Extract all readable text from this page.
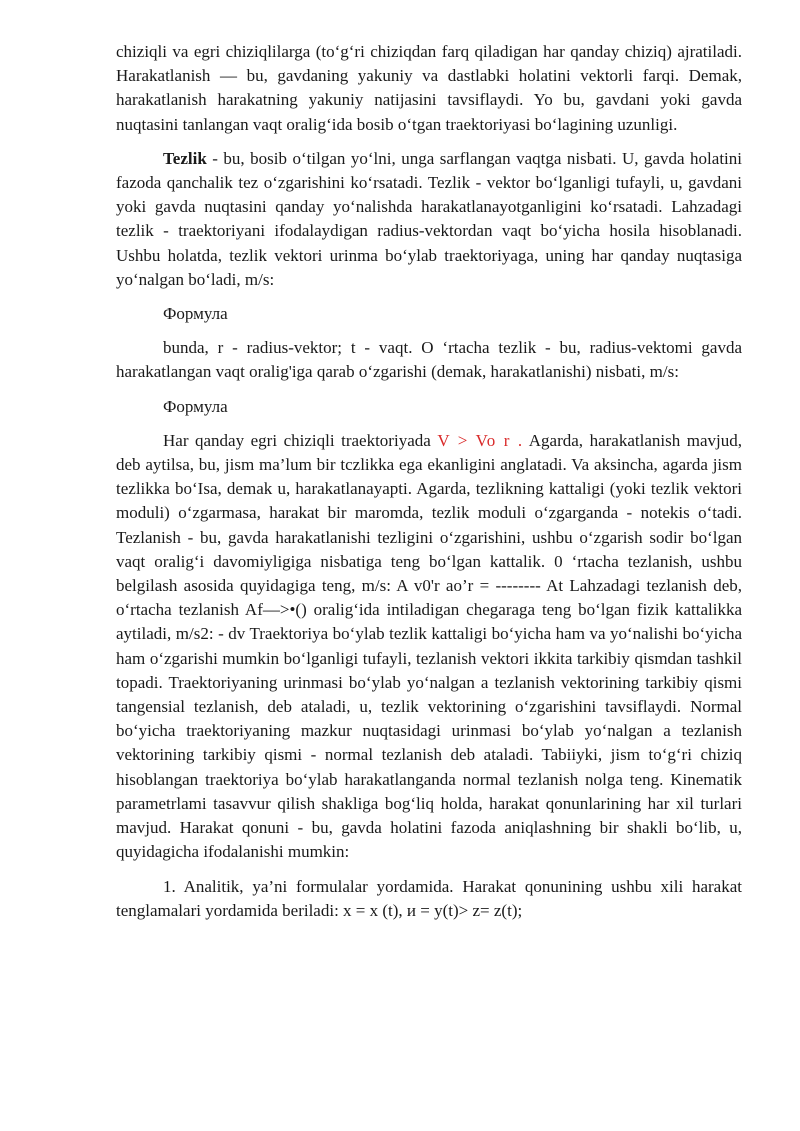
chiziqli va egri chiziqlilarga (to‘g‘ri chiziqdan farq qiladigan har qanday chiziq) ajratiladi. Harakatlanish — bu, gavdaning yakuniy va dastlabki holatini vektorli farqi. Demak, harakatlanish harakatning yakuniy natijasini tavsiflaydi. Yo bu, gavdani yoki gavda nuqtasini tanlangan vaqt oralig‘ida bosib o‘tgan traektoriyasi bo‘lagining uzunligi.

Tezlik - bu, bosib o‘tilgan yo‘lni, unga sarflangan vaqtga nisbati. U, gavda holatini fazoda qanchalik tez o‘zgarishini ko‘rsatadi. Tezlik - vektor bo‘lganligi tufayli, u, gavdani yoki gavda nuqtasini qanday yo‘nalishda harakatlanayotganligini ko‘rsatadi. Lahzadagi tezlik - traektoriyani ifodalaydigan radius-vektordan vaqt bo‘yicha hosila hisoblanadi. Ushbu holatda, tezlik vektori urinma bo‘ylab traektoriyaga, uning har qanday nuqtasiga yo‘nalgan bo‘ladi, m/s:

Формула

bunda, r - radius-vektor; t - vaqt. O ‘rtacha tezlik - bu, radius-vektomi gavda harakatlangan vaqt oralig'iga qarab o‘zgarishi (demak, harakatlanishi) nisbati, m/s:

Формула

Har qanday egri chiziqli traektoriyada V > Vo r . Agarda, harakatlanish mavjud, deb aytilsa, bu, jism ma’lum bir tczlikka ega ekanligini anglatadi. Va aksincha, agarda jism tezlikka bo‘Isa, demak u, harakatlanayapti. Agarda, tezlikning kattaligi (yoki tezlik vektori moduli) o‘zgarmasa, harakat bir maromda, tezlik moduli o‘zgarganda - notekis o‘tadi. Tezlanish - bu, gavda harakatlanishi tezligini o‘zgarishini, ushbu o‘zgarish sodir bo‘lgan vaqt oralig‘i davomiyligiga nisbatiga teng bo‘lgan kattalik. 0 ‘rtacha tezlanish, ushbu belgilash asosida quyidagiga teng, m/s: A v0'r ao’r = -------- At Lahzadagi tezlanish deb, o‘rtacha tezlanish Af—>•() oralig‘ida intiladigan chegaraga teng bo‘lgan fizik kattalikka aytiladi, m/s2: - dv Traektoriya bo‘ylab tezlik kattaligi bo‘yicha ham va yo‘nalishi bo‘yicha ham o‘zgarishi mumkin bo‘lganligi tufayli, tezlanish vektori ikkita tarkibiy qismdan tashkil topadi. Traektoriyaning urinmasi bo‘ylab yo‘nalgan a tezlanish vektorining tarkibiy qismi tangensial tezlanish, deb ataladi, u, tezlik vektorining o‘zgarishini tavsiflaydi. Normal bo‘yicha traektoriyaning mazkur nuqtasidagi urinmasi bo‘ylab yo‘nalgan a tezlanish vektorining tarkibiy qismi - normal tezlanish deb ataladi. Tabiiyki, jism to‘g‘ri chiziq hisoblangan traektoriya bo‘ylab harakatlanganda normal tezlanish nolga teng. Kinematik parametrlami tasavvur qilish shakliga bog‘liq holda, harakat qonunlarining har xil turlari mavjud. Harakat qonuni - bu, gavda holatini fazoda aniqlashning bir shakli bo‘lib, u, quyidagicha ifodalanishi mumkin:

1. Analitik, ya’ni formulalar yordamida. Harakat qonunining ushbu xili harakat tenglamalari yordamida beriladi: x = x (t), и = y(t)> z= z(t);
